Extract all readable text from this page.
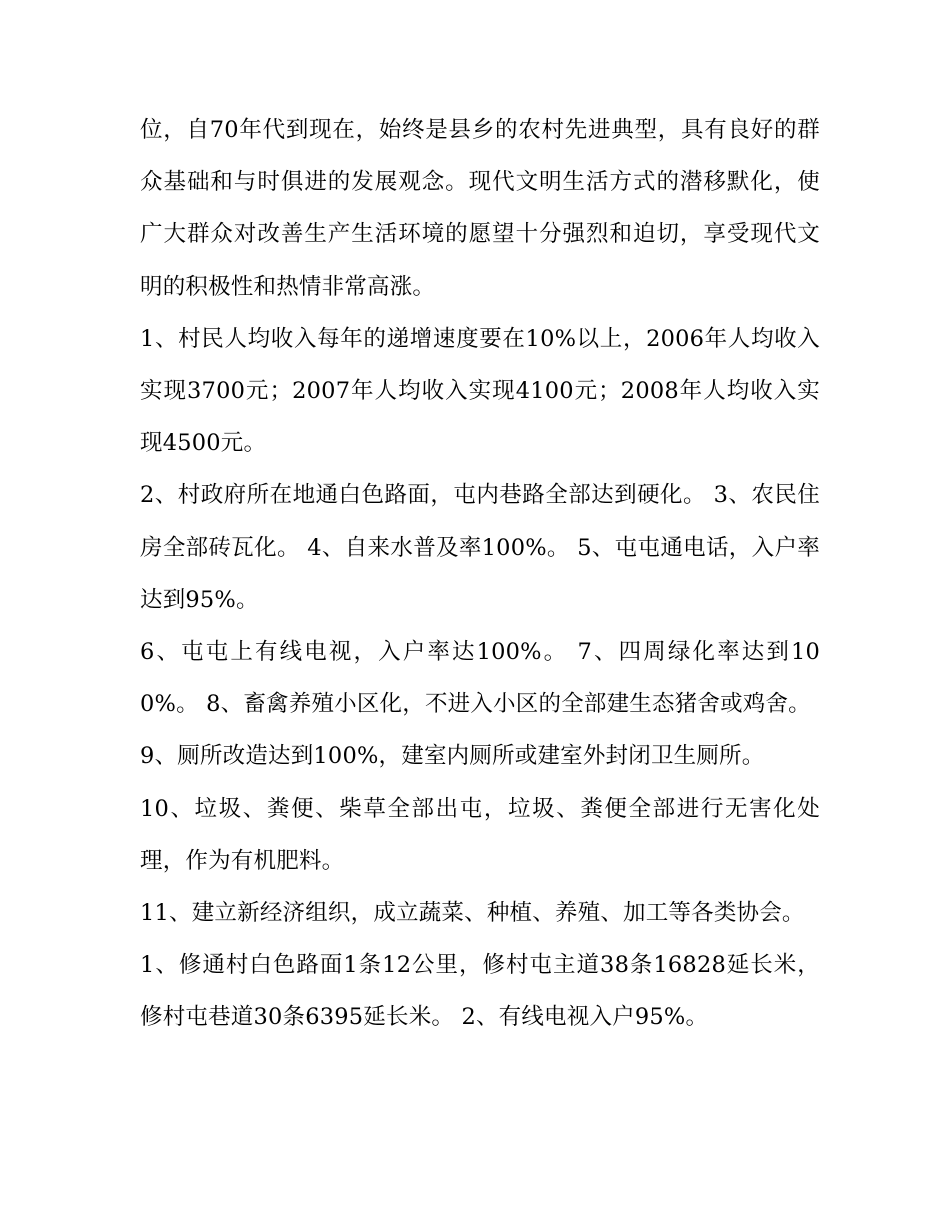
位，自70年代到现在，始终是县乡的农村先进典型，具有良好的群众基础和与时俱进的发展观念。现代文明生活方式的潜移默化，使广大群众对改善生产生活环境的愿望十分强烈和迫切，享受现代文明的积极性和热情非常高涨。

1、村民人均收入每年的递增速度要在10%以上，2006年人均收入实现3700元；2007年人均收入实现4100元；2008年人均收入实现4500元。

2、村政府所在地通白色路面，屯内巷路全部达到硬化。 3、农民住房全部砖瓦化。 4、自来水普及率100%。 5、屯屯通电话，入户率达到95%。

6、屯屯上有线电视，入户率达100%。 7、四周绿化率达到100%。 8、畜禽养殖小区化，不进入小区的全部建生态猪舍或鸡舍。

9、厕所改造达到100%，建室内厕所或建室外封闭卫生厕所。

10、垃圾、粪便、柴草全部出屯，垃圾、粪便全部进行无害化处理，作为有机肥料。

11、建立新经济组织，成立蔬菜、种植、养殖、加工等各类协会。

1、修通村白色路面1条12公里，修村屯主道38条16828延长米，修村屯巷道30条6395延长米。 2、有线电视入户95%。
